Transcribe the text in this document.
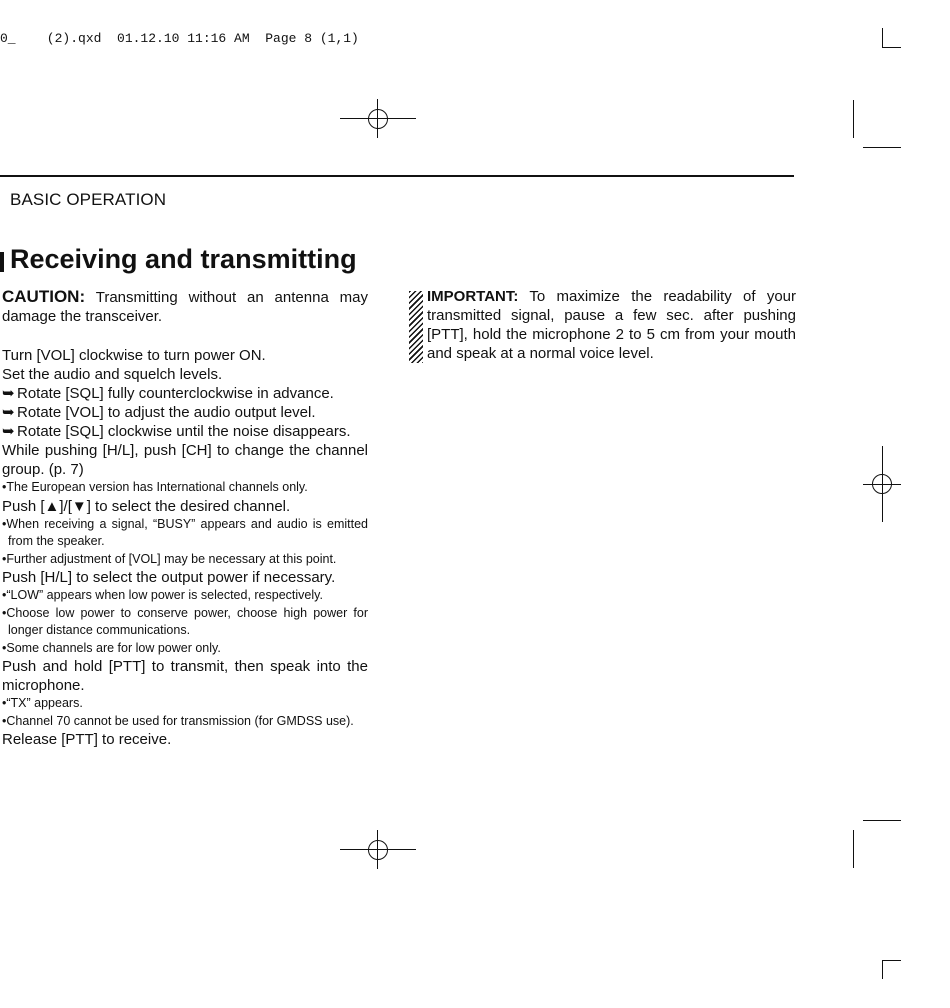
0_    (2).qxd  01.12.10 11:16 AM  Page 8 (1,1)
BASIC OPERATION
Receiving and transmitting
CAUTION: Transmitting without an antenna may damage the transceiver.
Turn [VOL] clockwise to turn power ON.
Set the audio and squelch levels.
➥ Rotate [SQL] fully counterclockwise in advance.
➥ Rotate [VOL] to adjust the audio output level.
➥ Rotate [SQL] clockwise until the noise disappears.
While pushing [H/L], push [CH] to change the channel group. (p. 7)
•The European version has International channels only.
Push [▲]/[▼] to select the desired channel.
•When receiving a signal, “BUSY” appears and audio is emitted from the speaker.
•Further adjustment of [VOL] may be necessary at this point.
Push [H/L] to select the output power if necessary.
•“LOW” appears when low power is selected, respectively.
•Choose low power to conserve power, choose high power for longer distance communications.
•Some channels are for low power only.
Push and hold [PTT] to transmit, then speak into the microphone.
•“TX” appears.
•Channel 70 cannot be used for transmission (for GMDSS use).
Release [PTT] to receive.
IMPORTANT: To maximize the readability of your transmitted signal, pause a few sec. after pushing [PTT], hold the microphone 2 to 5 cm from your mouth and speak at a normal voice level.
